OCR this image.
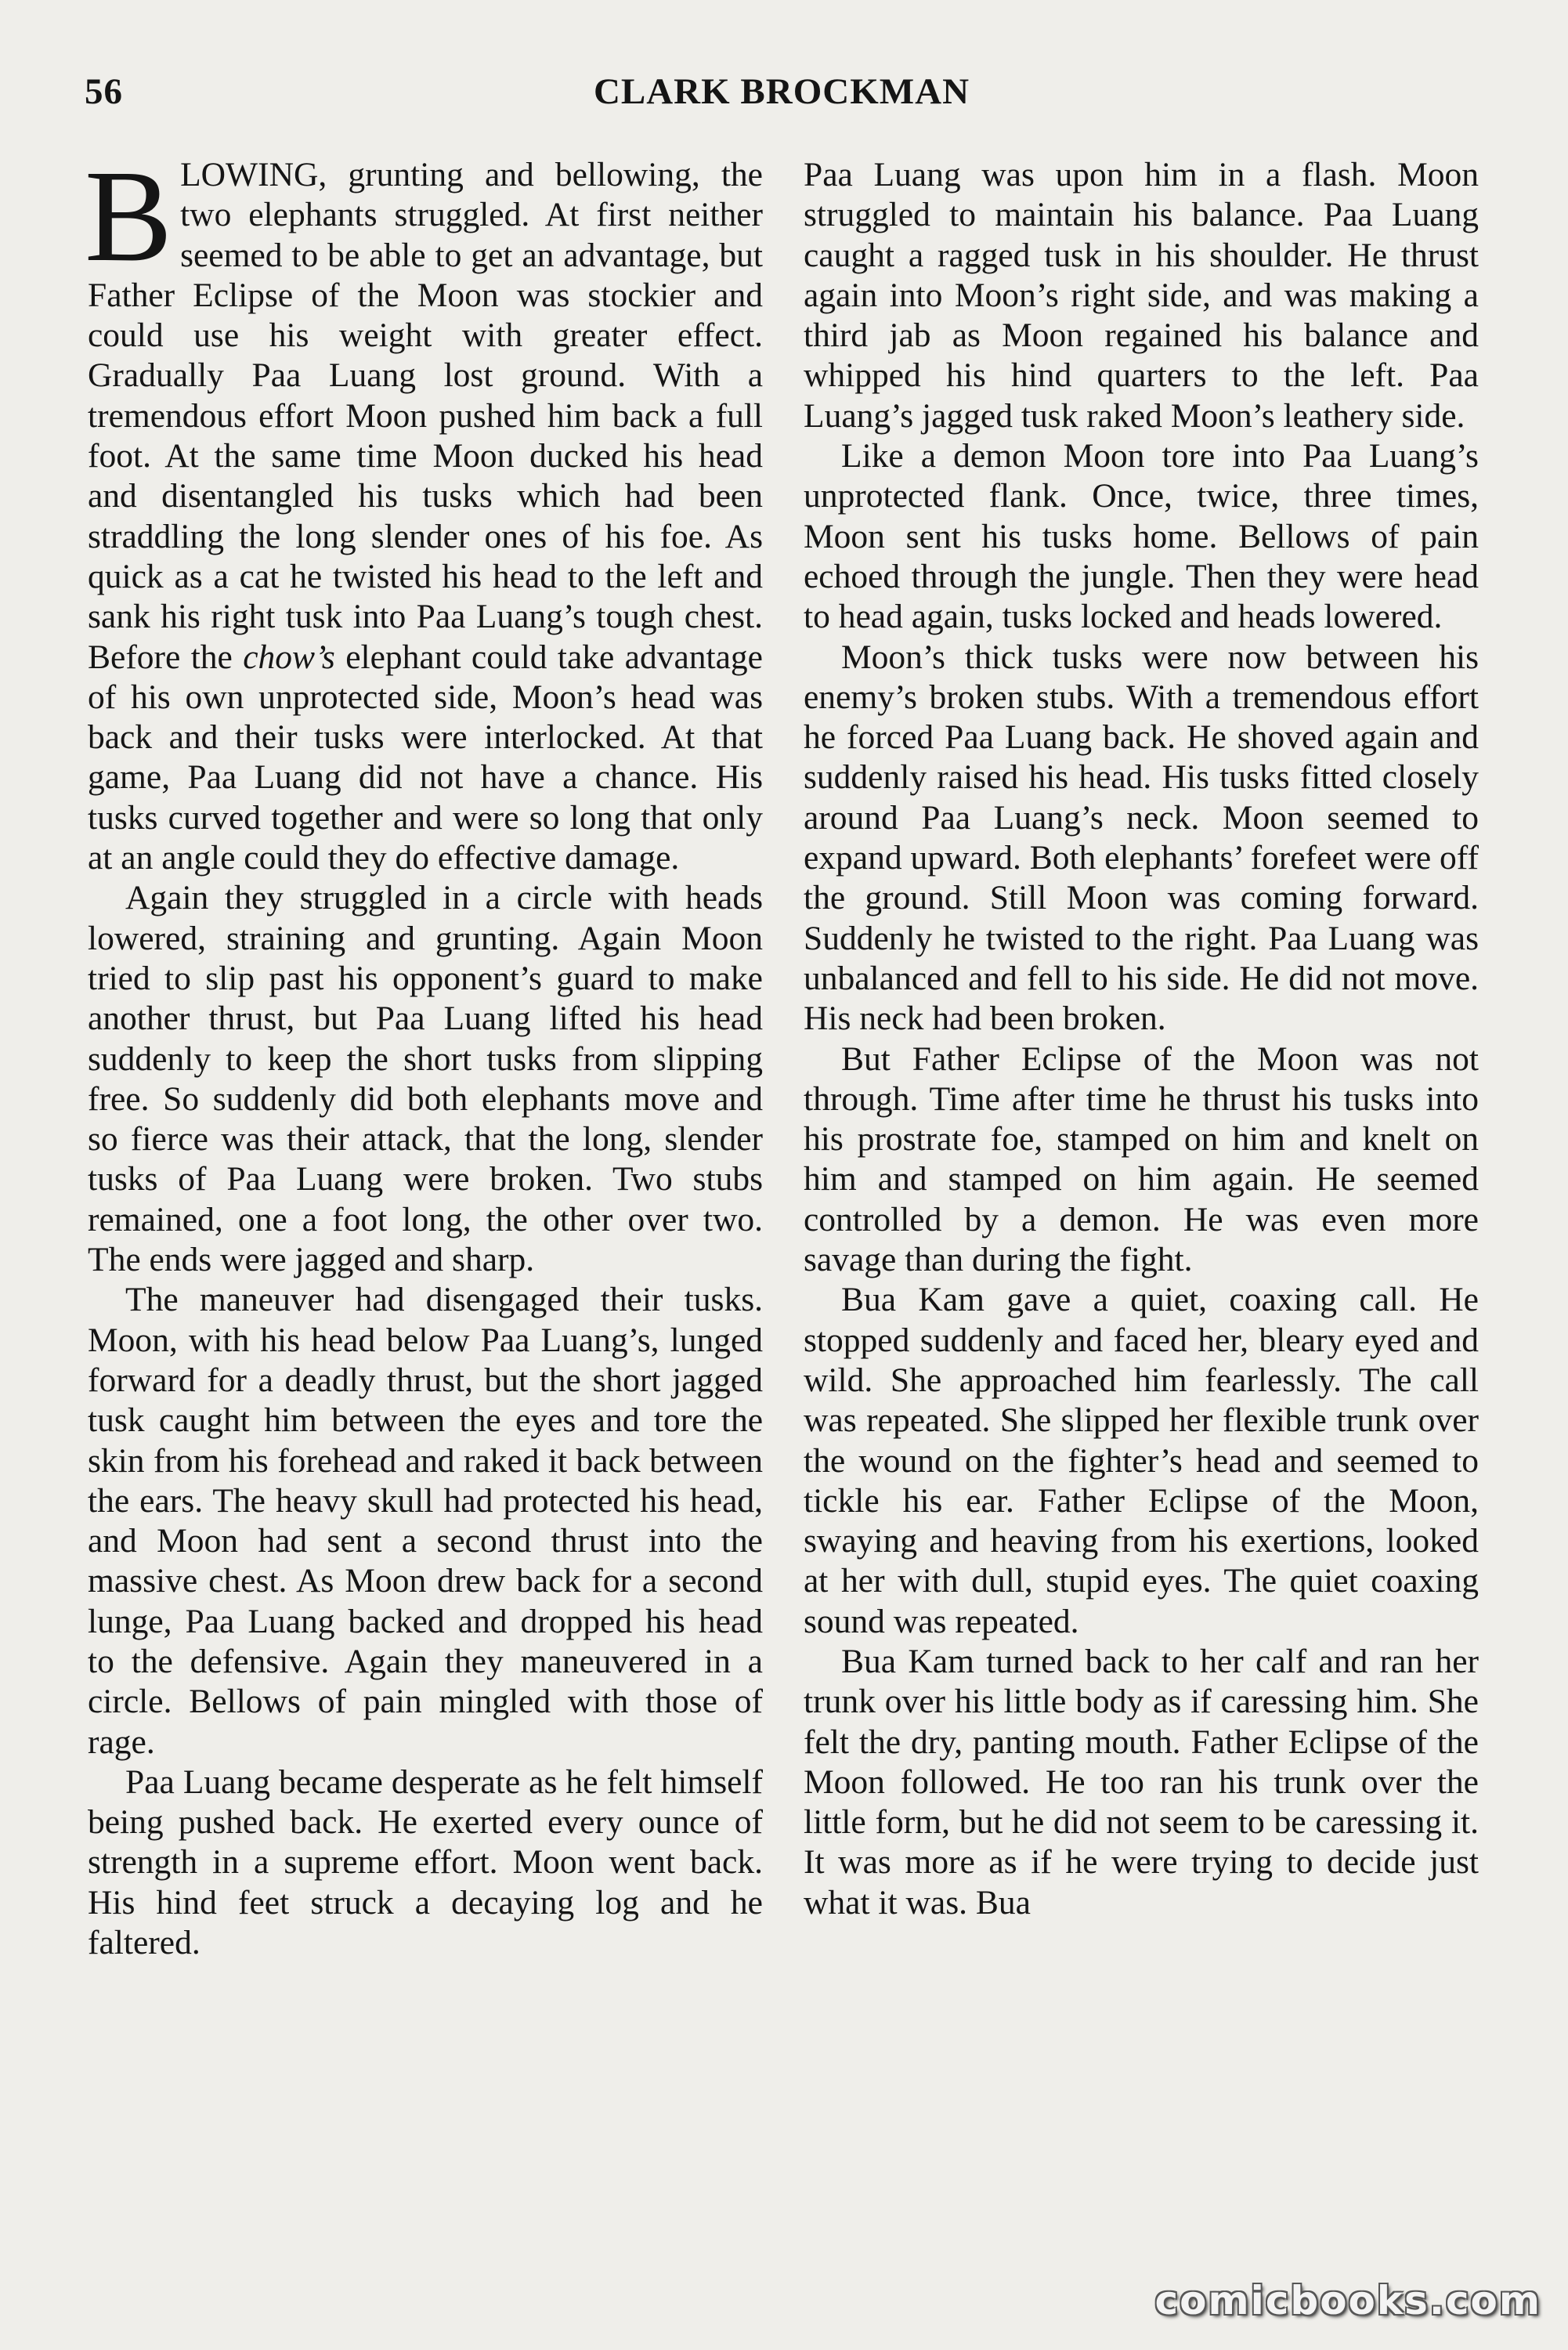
56	CLARK BROCKMAN

BLOWING, grunting and bellowing, the two elephants struggled. At first neither seemed to be able to get an advantage, but Father Eclipse of the Moon was stockier and could use his weight with greater effect. Gradually Paa Luang lost ground. With a tremendous effort Moon pushed him back a full foot. At the same time Moon ducked his head and disentangled his tusks which had been straddling the long slender ones of his foe. As quick as a cat he twisted his head to the left and sank his right tusk into Paa Luang’s tough chest. Before the chow’s elephant could take advantage of his own unprotected side, Moon’s head was back and their tusks were interlocked. At that game, Paa Luang did not have a chance. His tusks curved together and were so long that only at an angle could they do effective damage.

Again they struggled in a circle with heads lowered, straining and grunting. Again Moon tried to slip past his opponent’s guard to make another thrust, but Paa Luang lifted his head suddenly to keep the short tusks from slipping free. So suddenly did both elephants move and so fierce was their attack, that the long, slender tusks of Paa Luang were broken. Two stubs remained, one a foot long, the other over two. The ends were jagged and sharp.

The maneuver had disengaged their tusks. Moon, with his head below Paa Luang’s, lunged forward for a deadly thrust, but the short jagged tusk caught him between the eyes and tore the skin from his forehead and raked it back between the ears. The heavy skull had protected his head, and Moon had sent a second thrust into the massive chest. As Moon drew back for a second lunge, Paa Luang backed and dropped his head to the defensive. Again they maneuvered in a circle. Bellows of pain mingled with those of rage.

Paa Luang became desperate as he felt himself being pushed back. He exerted every ounce of strength in a supreme effort. Moon went back. His hind feet struck a decaying log and he faltered.

Paa Luang was upon him in a flash. Moon struggled to maintain his balance. Paa Luang caught a ragged tusk in his shoulder. He thrust again into Moon’s right side, and was making a third jab as Moon regained his balance and whipped his hind quarters to the left. Paa Luang’s jagged tusk raked Moon’s leathery side.

Like a demon Moon tore into Paa Luang’s unprotected flank. Once, twice, three times, Moon sent his tusks home. Bellows of pain echoed through the jungle. Then they were head to head again, tusks locked and heads lowered.

Moon’s thick tusks were now between his enemy’s broken stubs. With a tremendous effort he forced Paa Luang back. He shoved again and suddenly raised his head. His tusks fitted closely around Paa Luang’s neck. Moon seemed to expand upward. Both elephants’ forefeet were off the ground. Still Moon was coming forward. Suddenly he twisted to the right. Paa Luang was unbalanced and fell to his side. He did not move. His neck had been broken.

But Father Eclipse of the Moon was not through. Time after time he thrust his tusks into his prostrate foe, stamped on him and knelt on him and stamped on him again. He seemed controlled by a demon. He was even more savage than during the fight.

Bua Kam gave a quiet, coaxing call. He stopped suddenly and faced her, bleary eyed and wild. She approached him fearlessly. The call was repeated. She slipped her flexible trunk over the wound on the fighter’s head and seemed to tickle his ear. Father Eclipse of the Moon, swaying and heaving from his exertions, looked at her with dull, stupid eyes. The quiet coaxing sound was repeated.

Bua Kam turned back to her calf and ran her trunk over his little body as if caressing him. She felt the dry, panting mouth. Father Eclipse of the Moon followed. He too ran his trunk over the little form, but he did not seem to be caressing it. It was more as if he were trying to decide just what it was. Bua

comicbooks.com
